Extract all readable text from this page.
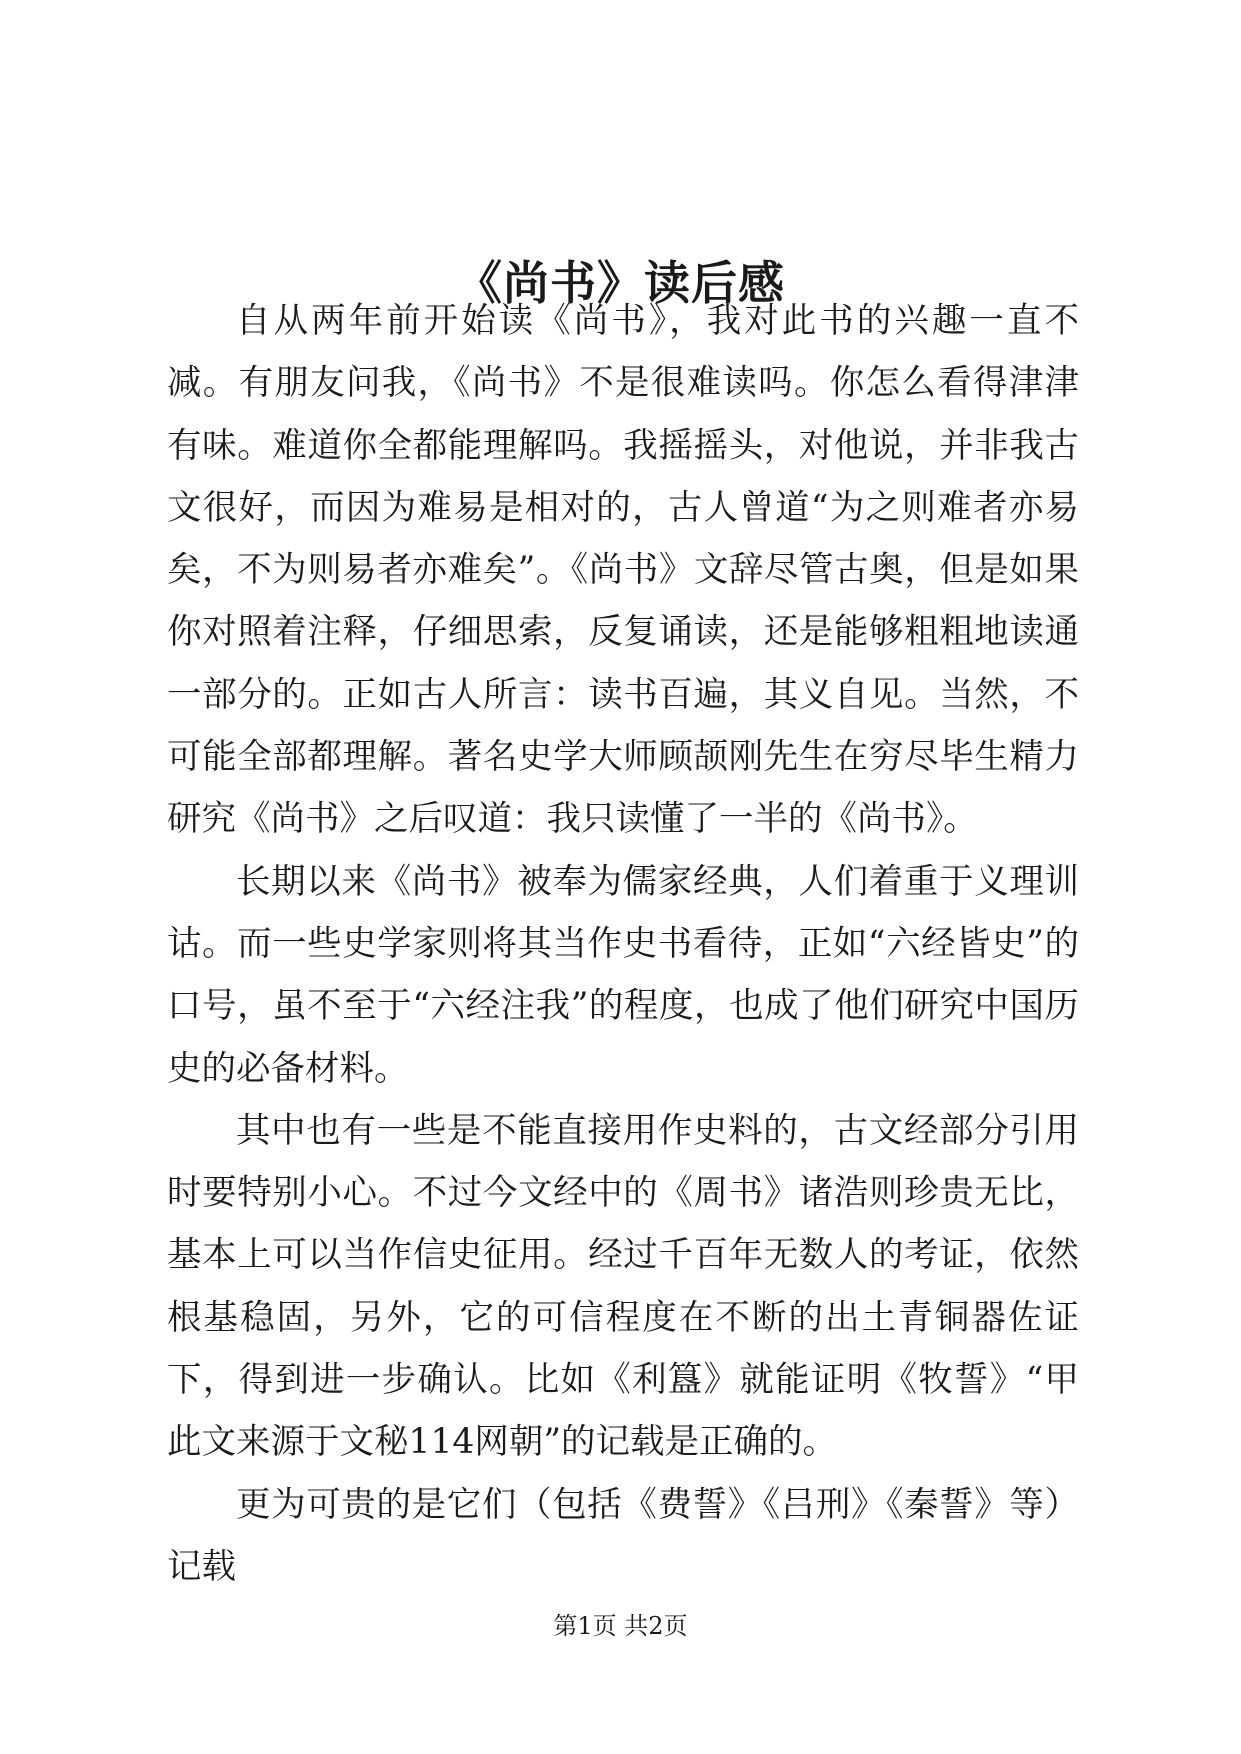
《尚书》读后感

自从两年前开始读《尚书》，我对此书的兴趣一直不减。有朋友问我，《尚书》不是很难读吗。你怎么看得津津有味。难道你全都能理解吗。我摇摇头，对他说，并非我古文很好，而因为难易是相对的，古人曾道“为之则难者亦易矣，不为则易者亦难矣”。《尚书》文辞尽管古奥，但是如果你对照着注释，仔细思索，反复诵读，还是能够粗粗地读通一部分的。正如古人所言：读书百遍，其义自见。当然，不可能全部都理解。著名史学大师顾颉刚先生在穷尽毕生精力研究《尚书》之后叹道：我只读懂了一半的《尚书》。

长期以来《尚书》被奉为儒家经典，人们着重于义理训诂。而一些史学家则将其当作史书看待，正如“六经皆史”的口号，虽不至于“六经注我”的程度，也成了他们研究中国历史的必备材料。

其中也有一些是不能直接用作史料的，古文经部分引用时要特别小心。不过今文经中的《周书》诸浩则珍贵无比，基本上可以当作信史征用。经过千百年无数人的考证，依然根基稳固，另外，它的可信程度在不断的出土青铜器佐证下，得到进一步确认。比如《利簋》就能证明《牧誓》“甲此文来源于文秘114网朝”的记载是正确的。

更为可贵的是它们（包括《费誓》《吕刑》《秦誓》等）记载

第1页 共2页
